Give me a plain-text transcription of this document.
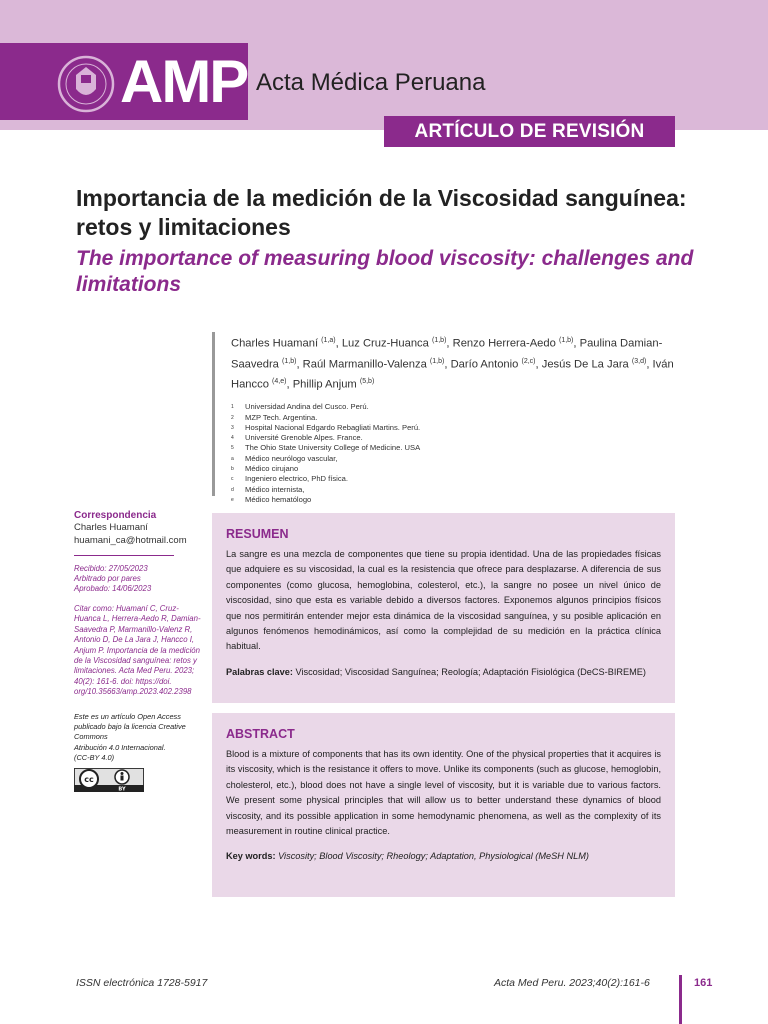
AMP Acta Médica Peruana
ARTÍCULO DE REVISIÓN
Importancia de la medición de la Viscosidad sanguínea: retos y limitaciones
The importance of measuring blood viscosity: challenges and limitations

Charles Huamaní $^{(1,a)}$, Luz Cruz-Huanca $^{(1,b)}$, Renzo Herrera-Aedo $^{(1,b)}$, Paulina Damian-Saavedra $^{(1,b)}$, Raúl Marmanillo-Valenza $^{(1,b)}$, Darío Antonio $^{(2,c)}$, Jesús De La Jara $^{(3,d)}$, Iván Hancco $^{(4,e)}$, Phillip Anjum $^{(5,b)}$

1 Universidad Andina del Cusco. Perú.
2 MZP Tech. Argentina.
3 Hospital Nacional Edgardo Rebagliati Martins. Perú.
4 Université Grenoble Alpes. France.
5 The Ohio State University College of Medicine. USA
a Médico neurólogo vascular,
b Médico cirujano
c Ingeniero electrico, PhD física.
d Médico internista,
e Médico hematólogo
Correspondencia
Charles Huamaní
huamani_ca@hotmail.com
Recibido: 27/05/2023
Arbitrado por pares
Aprobado: 14/06/2023
Citar como: Huamaní C, Cruz-Huanca L, Herrera-Aedo R, Damian-Saavedra P, Marmanillo-Valenz R, Antonio D, De La Jara J, Hancco I, Anjum P. Importancia de la medición de la Viscosidad sanguínea: retos y limitaciones. Acta Med Peru. 2023; 40(2): 161-6. doi: https://doi. org/10.35663/amp.2023.402.2398
Este es un artículo Open Access publicado bajo la licencia Creative Commons
Atribución 4.0 Internacional.
(CC-BY 4.0)
cc
BY
RESUMEN

La sangre es una mezcla de componentes que tiene su propia identidad. Una de las propiedades físicas que adquiere es su viscosidad, la cual es la resistencia que ofrece para desplazarse. A diferencia de sus componentes (como glucosa, hemoglobina, colesterol, etc.), la sangre no posee un nivel único de viscosidad, sino que esta es variable debido a diversos factores. Exponemos algunos principios físicos que nos permitirán entender mejor esta dinámica de la viscosidad sanguínea, y su posible aplicación en algunos fenómenos hemodinámicos, así como la complejidad de su medición en la práctica clínica habitual.

Palabras clave: Viscosidad; Viscosidad Sanguínea; Reología; Adaptación Fisiológica (DeCS-BIREME)

ABSTRACT

Blood is a mixture of components that has its own identity. One of the physical properties that it acquires is its viscosity, which is the resistance it offers to move. Unlike its components (such as glucose, hemoglobin, cholesterol, etc.), blood does not have a single level of viscosity, but it is variable due to various factors. We present some physical principles that will allow us to better understand these dynamics of blood viscosity, and its possible application in some hemodynamic phenomena, as well as the complexity of its measurement in routine clinical practice.

Key words: Viscosity; Blood Viscosity; Rheology; Adaptation, Physiological (MeSH NLM)

ISSN electrónica 1728-5917	Acta Med Peru. 2023;40(2):161-6	161
